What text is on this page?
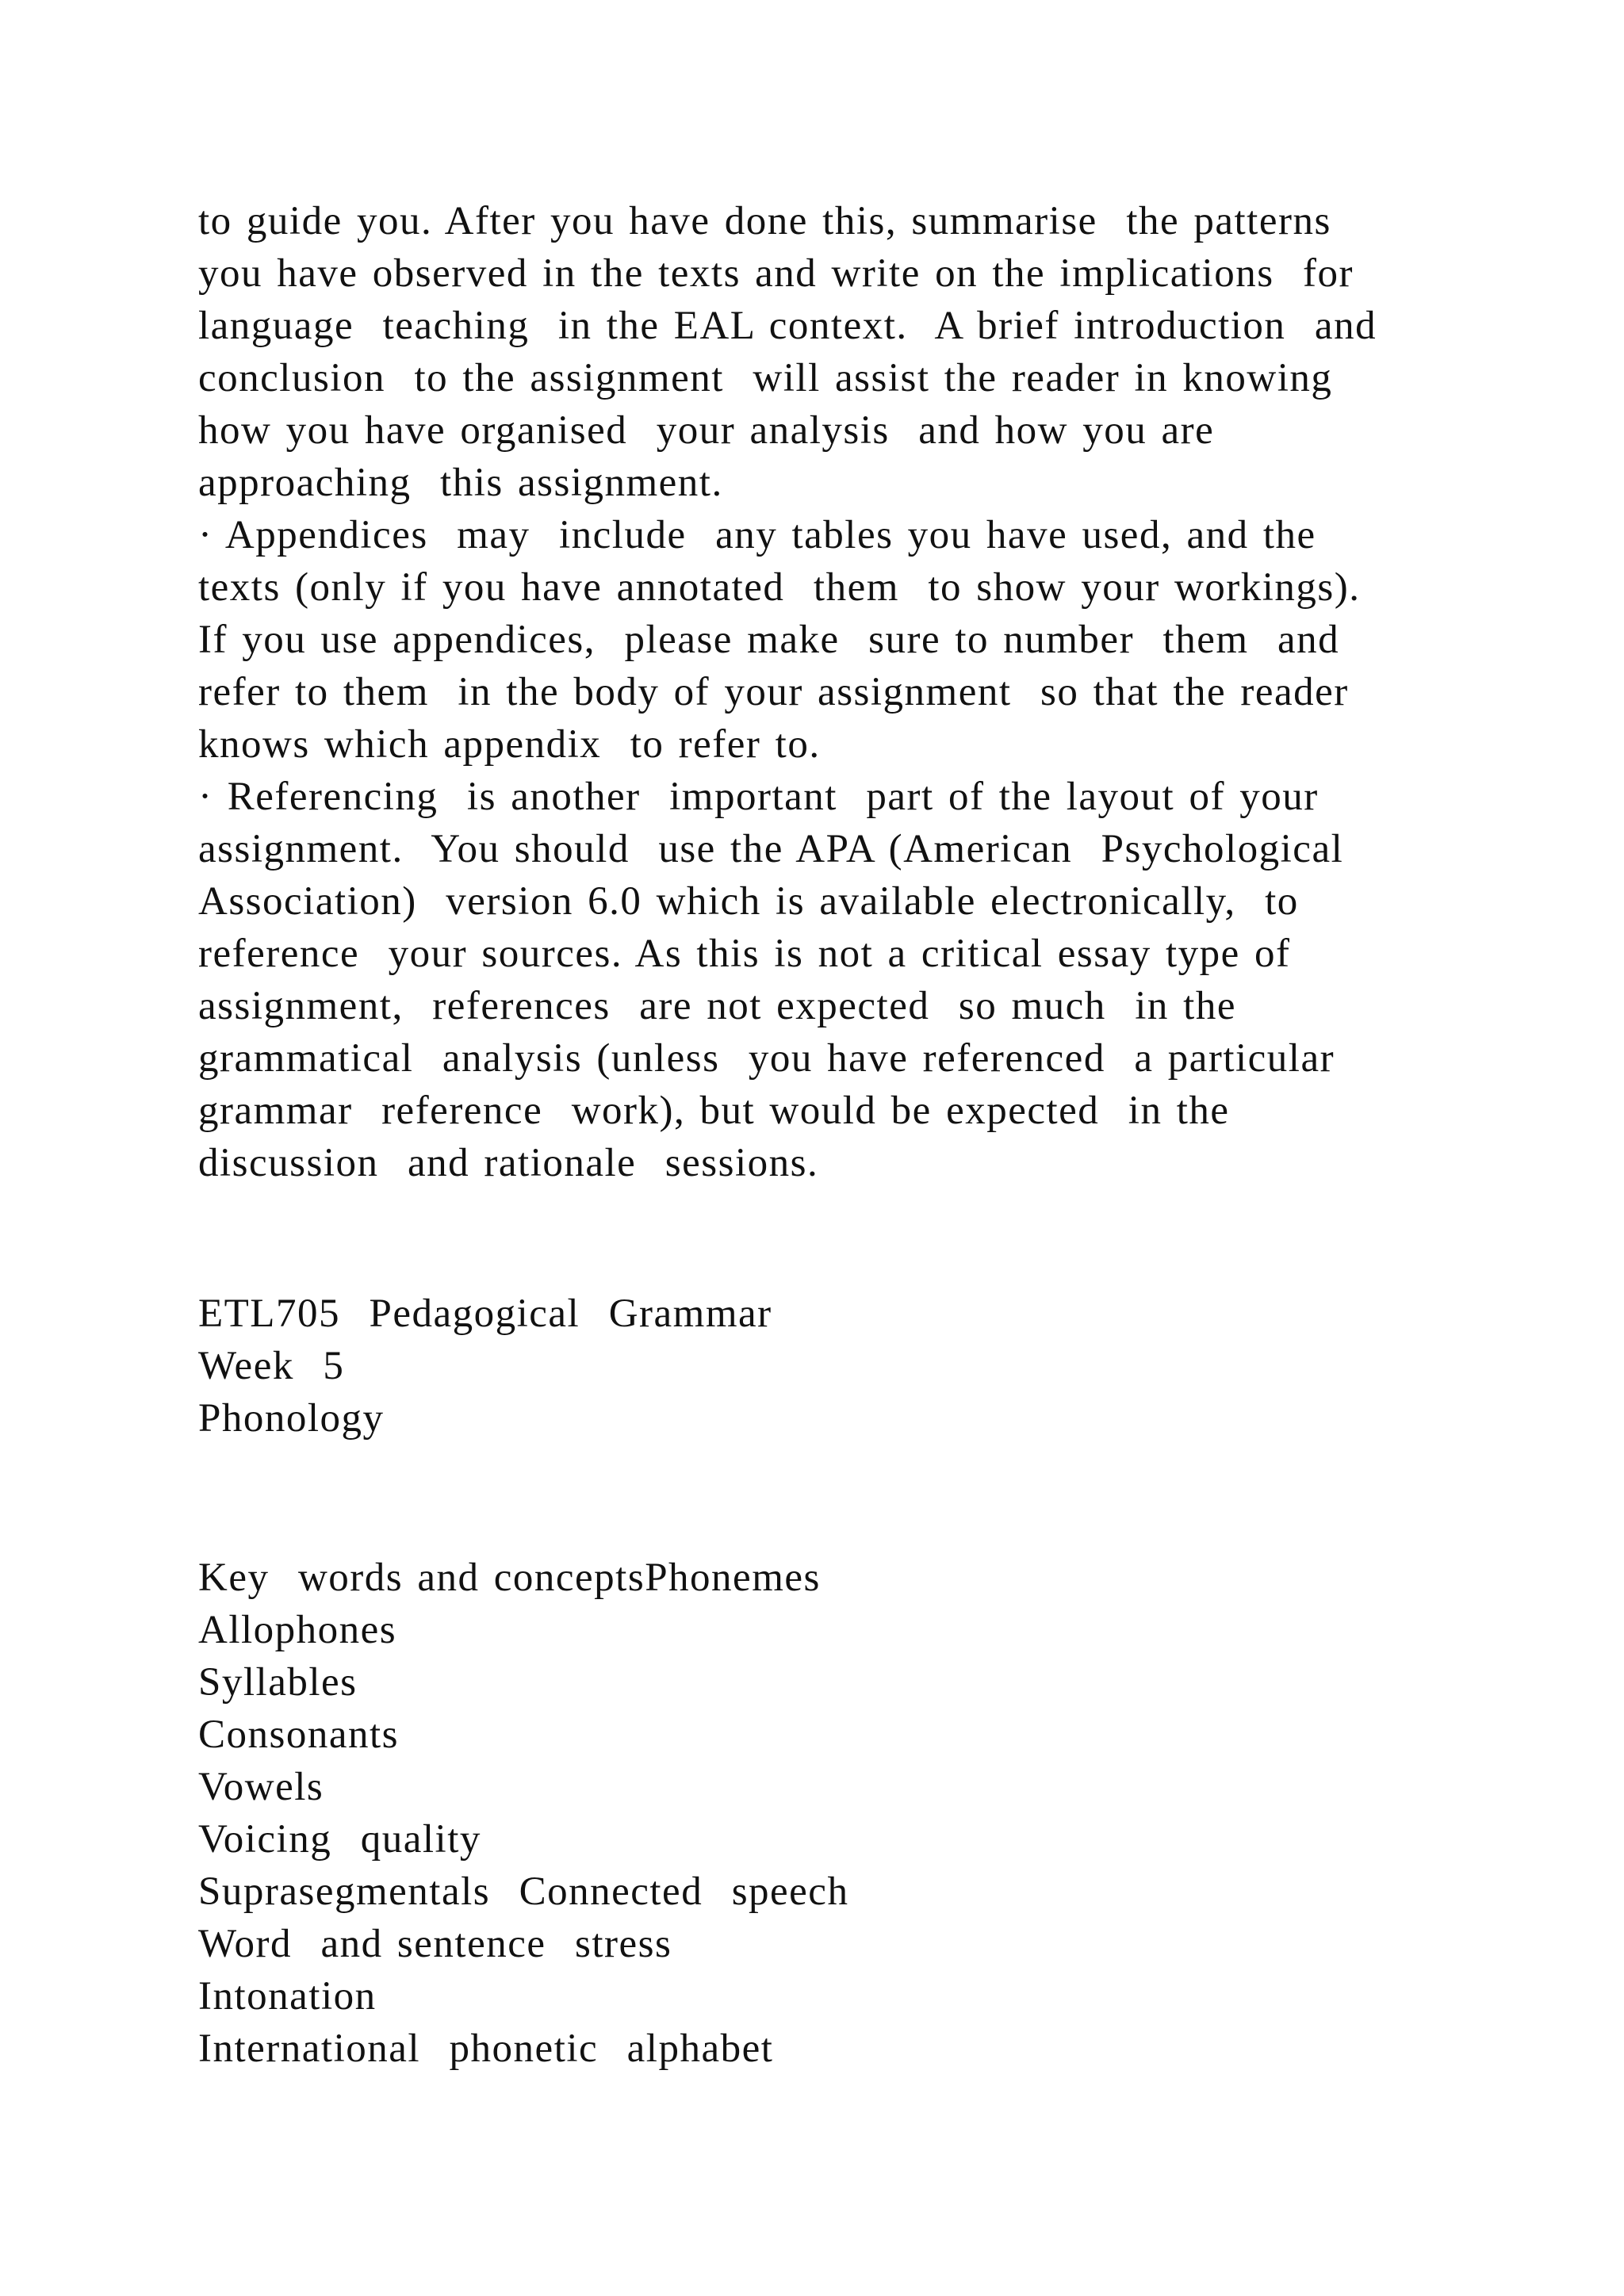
to guide you. After you have done this, summarise  the patterns
you have observed in the texts and write on the implications  for
language  teaching  in the EAL context.  A brief introduction  and
conclusion  to the assignment  will assist the reader in knowing
how you have organised  your analysis  and how you are
approaching  this assignment.
· Appendices  may  include  any tables you have used, and the
texts (only if you have annotated  them  to show your workings).
If you use appendices,  please make  sure to number  them  and
refer to them  in the body of your assignment  so that the reader
knows which appendix  to refer to.
· Referencing  is another  important  part of the layout of your
assignment.  You should  use the APA (American  Psychological
Association)  version 6.0 which is available electronically,  to
reference  your sources. As this is not a critical essay type of
assignment,  references  are not expected  so much  in the
grammatical  analysis (unless  you have referenced  a particular
grammar  reference  work), but would be expected  in the
discussion  and rationale  sessions.
ETL705  Pedagogical  Grammar
Week  5
Phonology
Key  words and conceptsPhonemes
Allophones
Syllables
Consonants
Vowels
Voicing  quality
Suprasegmentals  Connected  speech
Word  and sentence  stress
Intonation
International  phonetic  alphabet
